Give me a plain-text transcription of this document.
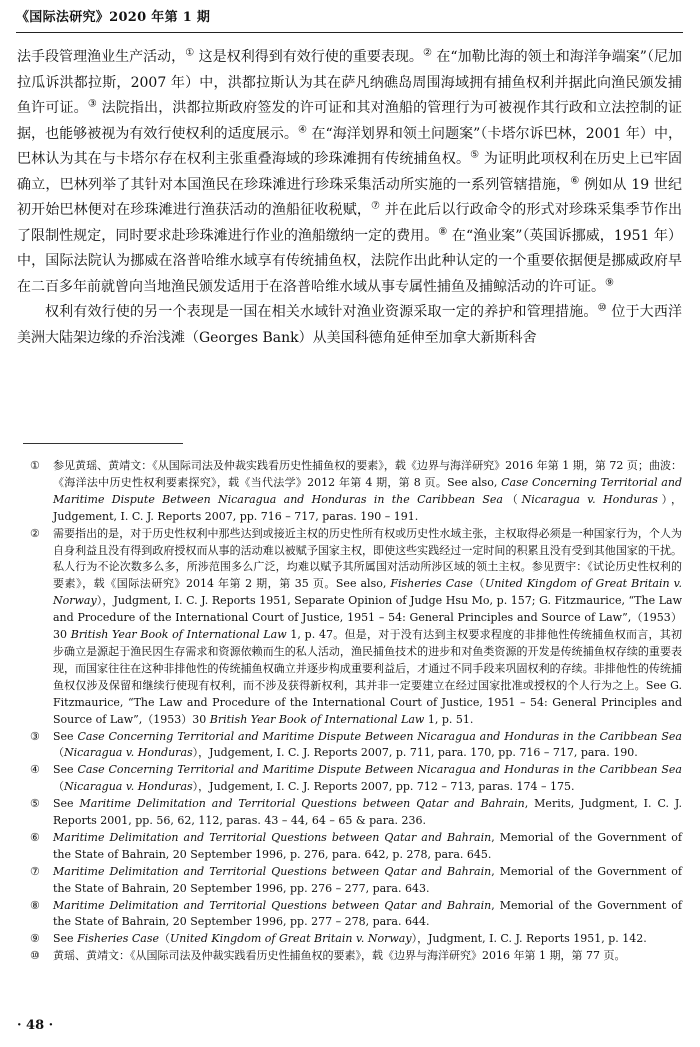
《国际法研究》2020 年第 1 期

法手段管理渔业生产活动，① 这是权利得到有效行使的重要表现。② 在“加勒比海的领土和海洋争端案”（尼加拉瓜诉洪都拉斯，2007 年）中，洪都拉斯认为其在萨凡纳礁岛周围海域拥有捕鱼权利并据此向渔民颁发捕鱼许可证。③ 法院指出，洪都拉斯政府签发的许可证和其对渔船的管理行为可被视作其行政和立法控制的证据，也能够被视为有效行使权利的适度展示。④ 在“海洋划界和领土问题案”（卡塔尔诉巴林，2001 年）中，巴林认为其在与卡塔尔存在权利主张重叠海域的珍珠滩拥有传统捕鱼权。⑤ 为证明此项权利在历史上已牢固确立，巴林列举了其针对本国渔民在珍珠滩进行珍珠采集活动所实施的一系列管辖措施，⑥ 例如从 19 世纪初开始巴林便对在珍珠滩进行渔获活动的渔船征收税赋，⑦ 并在此后以行政命令的形式对珍珠采集季节作出了限制性规定，同时要求赴珍珠滩进行作业的渔船缴纳一定的费用。⑧ 在“渔业案”（英国诉挪威，1951 年）中，国际法院认为挪威在洛普哈维水域享有传统捕鱼权，法院作出此种认定的一个重要依据便是挪威政府早在二百多年前就曾向当地渔民颁发适用于在洛普哈维水域从事专属性捕鱼及捕鲸活动的许可证。⑨

权利有效行使的另一个表现是一国在相关水域针对渔业资源采取一定的养护和管理措施。⑩ 位于大西洋美洲大陆架边缘的乔治浅滩（Georges Bank）从美国科德角延伸至加拿大新斯科舍

①	参见黄瑶、黄靖文：《从国际司法及仲裁实践看历史性捕鱼权的要素》，载《边界与海洋研究》2016 年第 1 期，第 72 页；曲波：《海洋法中历史性权利要素探究》，载《当代法学》2012 年第 4 期，第 8 页。See also, Case Concerning Territorial and Maritime Dispute Between Nicaragua and Honduras in the Caribbean Sea（Nicaragua v. Honduras），Judgement, I. C. J. Reports 2007, pp. 716 – 717, paras. 190 – 191.
②	需要指出的是，对于历史性权利中那些达到或接近主权的历史性所有权或历史性水域主张，主权取得必须是一种国家行为，个人为自身利益且没有得到政府授权而从事的活动难以被赋予国家主权，即使这些实践经过一定时间的积累且没有受到其他国家的干扰。私人行为不论次数多么多，所涉范围多么广泛，均难以赋予其所属国对活动所涉区域的领土主权。参见贾宇：《试论历史性权利的要素》，载《国际法研究》2014 年第 2 期，第 35 页。See also, Fisheries Case（United Kingdom of Great Britain v. Norway），Judgment, I. C. J. Reports 1951, Separate Opinion of Judge Hsu Mo, p. 157; G. Fitzmaurice, “The Law and Procedure of the International Court of Justice, 1951 – 54: General Principles and Source of Law”,（1953）30 British Year Book of International Law 1, p. 47。但是，对于没有达到主权要求程度的非排他性传统捕鱼权而言，其初步确立是源起于渔民因生存需求和资源依赖而生的私人活动，渔民捕鱼技术的进步和对鱼类资源的开发是传统捕鱼权存续的重要表现，而国家往往在这种非排他性的传统捕鱼权确立并逐步构成重要利益后，才通过不同手段来巩固权利的存续。非排他性的传统捕鱼权仅涉及保留和继续行使现有权利，而不涉及获得新权利，其并非一定要建立在经过国家批准或授权的个人行为之上。See G. Fitzmaurice, “The Law and Procedure of the International Court of Justice, 1951 – 54: General Principles and Source of Law”,（1953）30 British Year Book of International Law 1, p. 51.
③	See Case Concerning Territorial and Maritime Dispute Between Nicaragua and Honduras in the Caribbean Sea（Nicaragua v. Honduras），Judgement, I. C. J. Reports 2007, p. 711, para. 170, pp. 716 – 717, para. 190.
④	See Case Concerning Territorial and Maritime Dispute Between Nicaragua and Honduras in the Caribbean Sea（Nicaragua v. Honduras），Judgement, I. C. J. Reports 2007, pp. 712 – 713, paras. 174 – 175.
⑤	See Maritime Delimitation and Territorial Questions between Qatar and Bahrain, Merits, Judgment, I. C. J. Reports 2001, pp. 56, 62, 112, paras. 43 – 44, 64 – 65 & para. 236.
⑥	Maritime Delimitation and Territorial Questions between Qatar and Bahrain, Memorial of the Government of the State of Bahrain, 20 September 1996, p. 276, para. 642, p. 278, para. 645.
⑦	Maritime Delimitation and Territorial Questions between Qatar and Bahrain, Memorial of the Government of the State of Bahrain, 20 September 1996, pp. 276 – 277, para. 643.
⑧	Maritime Delimitation and Territorial Questions between Qatar and Bahrain, Memorial of the Government of the State of Bahrain, 20 September 1996, pp. 277 – 278, para. 644.
⑨	See Fisheries Case（United Kingdom of Great Britain v. Norway），Judgment, I. C. J. Reports 1951, p. 142.
⑩	黄瑶、黄靖文：《从国际司法及仲裁实践看历史性捕鱼权的要素》，载《边界与海洋研究》2016 年第 1 期，第 77 页。
· 48 ·
